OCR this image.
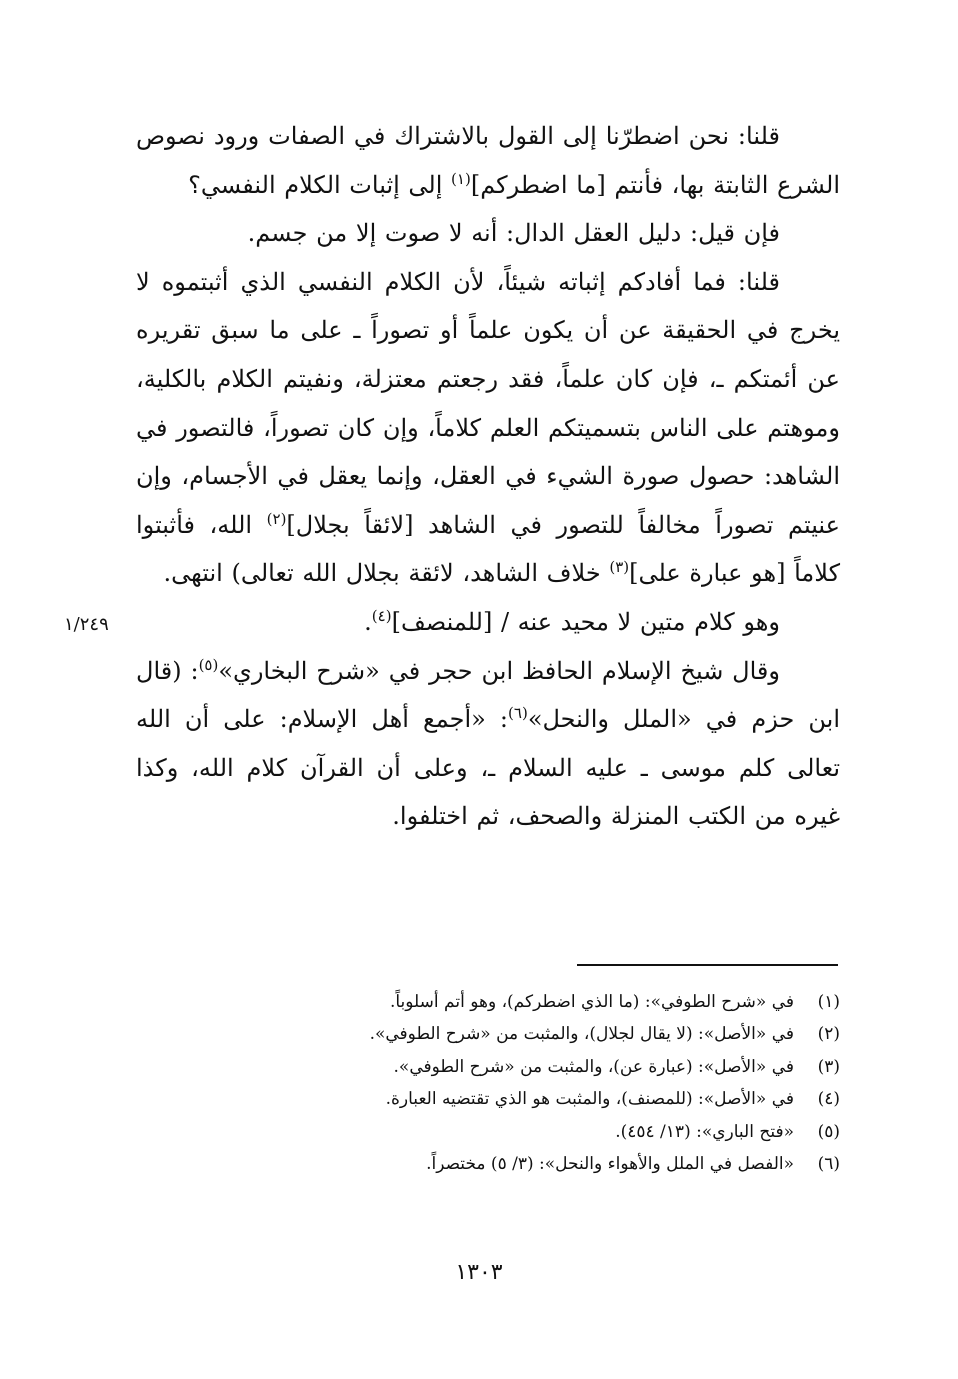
قلنا: نحن اضطرّنا إلى القول بالاشتراك في الصفات ورود نصوص الشرع الثابتة بها، فأنتم [ما اضطركم]$^{(١)}$ إلى إثبات الكلام النفسي؟

فإن قيل: دليل العقل الدال: أنه لا صوت إلا من جسم.

قلنا: فما أفادكم إثباته شيئاً، لأن الكلام النفسي الذي أثبتموه لا يخرج في الحقيقة عن أن يكون علماً أو تصوراً ـ على ما سبق تقريره عن أئمتكم ـ، فإن كان علماً، فقد رجعتم معتزلة، ونفيتم الكلام بالكلية، وموهتم على الناس بتسميتكم العلم كلاماً، وإن كان تصوراً، فالتصور في الشاهد: حصول صورة الشيء في العقل، وإنما يعقل في الأجسام، وإن عنيتم تصوراً مخالفاً للتصور في الشاهد [لائقاً بجلال]$^{(٢)}$ الله، فأثبتوا كلاماً [هو عبارة على]$^{(٣)}$ خلاف الشاهد، لائقة بجلال الله تعالى) انتهى.

وهو كلام متين لا محيد عنه / [للمنصف]$^{(٤)}$.

وقال شيخ الإسلام الحافظ ابن حجر في «شرح البخاري»$^{(٥)}$: (قال ابن حزم في «الملل والنحل»$^{(٦)}$: «أجمع أهل الإسلام: على أن الله تعالى كلم موسى ـ عليه السلام ـ، وعلى أن القرآن كلام الله، وكذا غيره من الكتب المنزلة والصحف، ثم اختلفوا.

١/٢٤٩
(١)في «شرح الطوفي»: (ما الذي اضطركم)، وهو أتم أسلوباً.
(٢)في «الأصل»: (لا يقال لجلال)، والمثبت من «شرح الطوفي».
(٣)في «الأصل»: (عبارة عن)، والمثبت من «شرح الطوفي».
(٤)في «الأصل»: (للمصنف)، والمثبت هو الذي تقتضيه العبارة.
(٥)«فتح الباري»: (١٣/ ٤٥٤).
(٦)«الفصل في الملل والأهواء والنحل»: (٣/ ٥) مختصراً.
١٣٠٣
